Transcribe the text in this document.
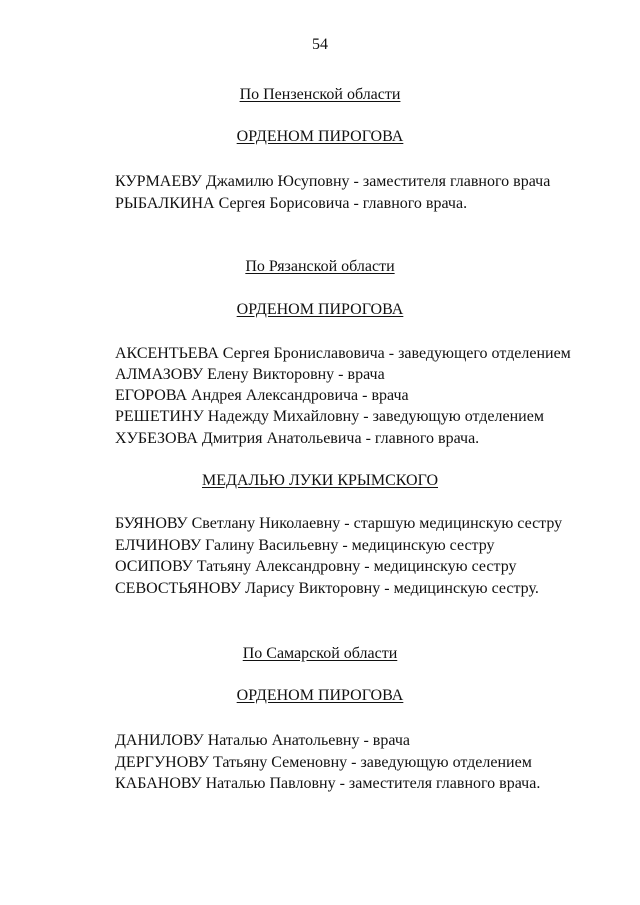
54
По Пензенской области
ОРДЕНОМ ПИРОГОВА
КУРМАЕВУ Джамилю Юсуповну - заместителя главного врача
РЫБАЛКИНА Сергея Борисовича - главного врача.
По Рязанской области
ОРДЕНОМ ПИРОГОВА
АКСЕНТЬЕВА Сергея Брониславовича - заведующего отделением
АЛМАЗОВУ Елену Викторовну - врача
ЕГОРОВА Андрея Александровича - врача
РЕШЕТИНУ Надежду Михайловну - заведующую отделением
ХУБЕЗОВА Дмитрия Анатольевича - главного врача.
МЕДАЛЬЮ ЛУКИ КРЫМСКОГО
БУЯНОВУ Светлану Николаевну - старшую медицинскую сестру
ЕЛЧИНОВУ Галину Васильевну - медицинскую сестру
ОСИПОВУ Татьяну Александровну - медицинскую сестру
СЕВОСТЬЯНОВУ Ларису Викторовну - медицинскую сестру.
По Самарской области
ОРДЕНОМ ПИРОГОВА
ДАНИЛОВУ Наталью Анатольевну - врача
ДЕРГУНОВУ Татьяну Семеновну - заведующую отделением
КАБАНОВУ Наталью Павловну - заместителя главного врача.
